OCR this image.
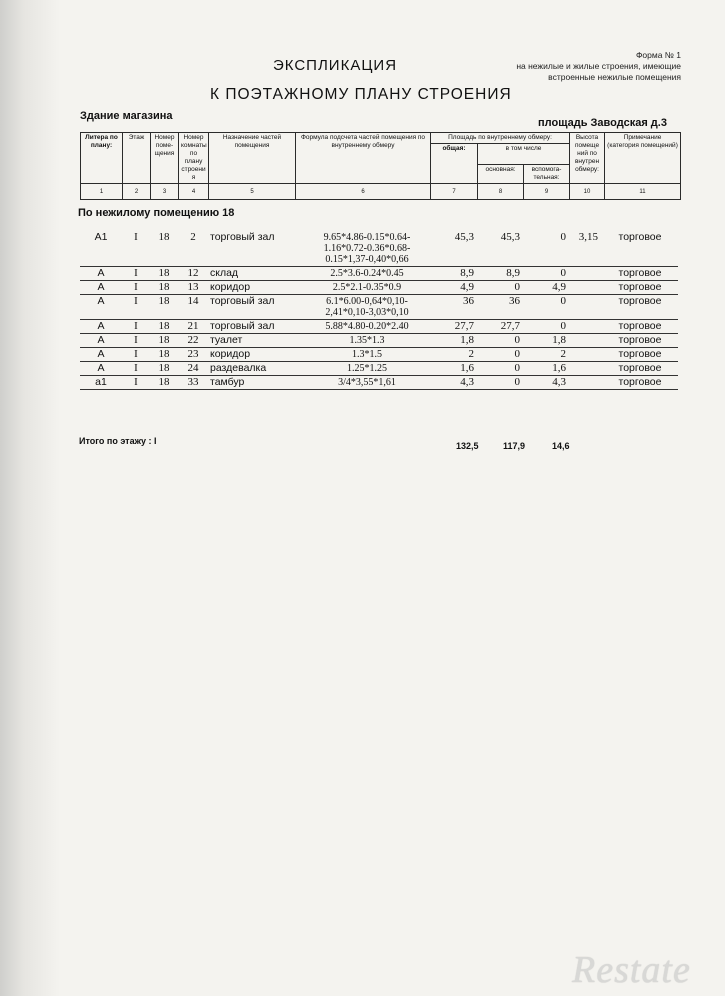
Форма № 1
на нежилые и жилые строения, имеющие
встроенные нежилые помещения
ЭКСПЛИКАЦИЯ
К ПОЭТАЖНОМУ ПЛАНУ СТРОЕНИЯ
Здание магазина
площадь Заводская д.3
Литера по плану:	Этаж	Номер поме-щения	Номер комнаты по плану строени я	Назначение частей помещения	Формула подсчета частей помещения по внутреннему обмеру	Площадь по внутреннему обмеру:			Высота помеще ний по внутрен обмеру:	Примечание (категория помещений)
						общая:	в том числе			
							основная:	вспомога-тельная:		
1	2	3	4	5	6	7	8	9	10	11
По нежилому помещению 18
А1	I	18	2	торговый зал	9.65*4.86-0.15*0.64-1.16*0.72-0.36*0.68-0.15*1,37-0,40*0,66	45,3	45,3	0	3,15	торговое
А	I	18	12	склад	2.5*3.6-0.24*0.45	8,9	8,9	0		торговое
А	I	18	13	коридор	2.5*2.1-0.35*0.9	4,9	0	4,9		торговое
А	I	18	14	торговый зал	6.1*6.00-0,64*0,10-2,41*0,10-3,03*0,10	36	36	0		торговое
А	I	18	21	торговый зал	5.88*4.80-0.20*2.40	27,7	27,7	0		торговое
А	I	18	22	туалет	1.35*1.3	1,8	0	1,8		торговое
А	I	18	23	коридор	1.3*1.5	2	0	2		торговое
А	I	18	24	раздевалка	1.25*1.25	1,6	0	1,6		торговое
а1	I	18	33	тамбур	3/4*3,55*1,61	4,3	0	4,3		торговое
Итого по этажу : I	132,5	117,9	14,6
Restate
